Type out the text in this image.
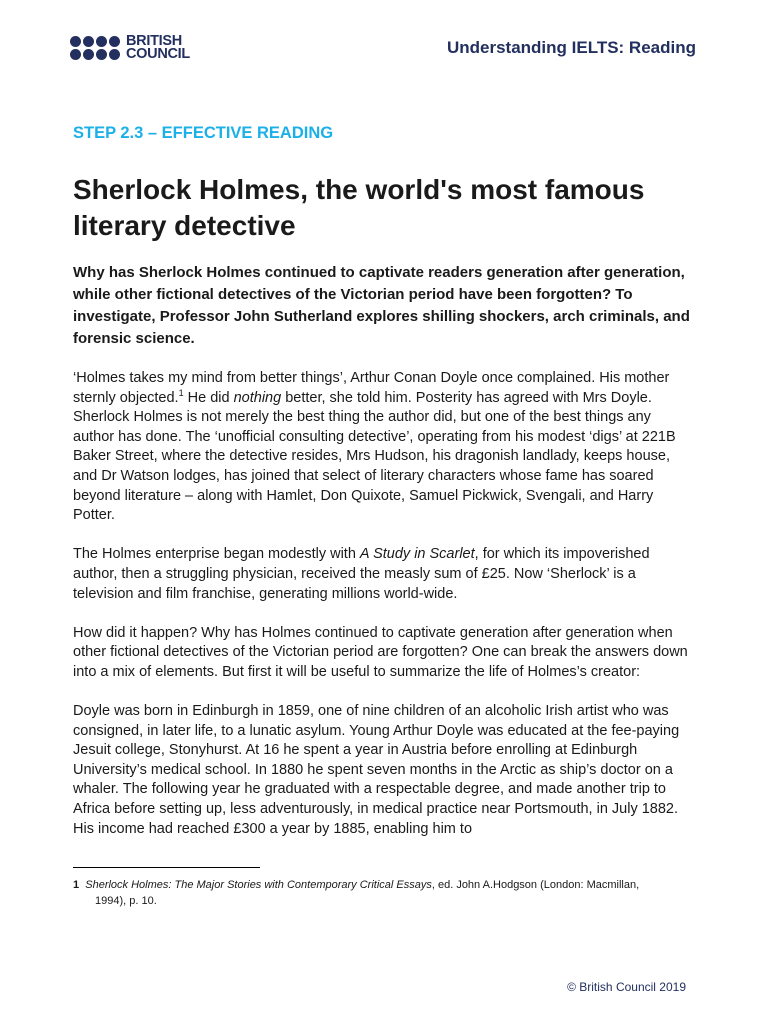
BRITISH
COUNCIL	Understanding IELTS: Reading
STEP 2.3 – EFFECTIVE READING
Sherlock Holmes, the world's most famous literary detective
Why has Sherlock Holmes continued to captivate readers generation after generation, while other fictional detectives of the Victorian period have been forgotten? To investigate, Professor John Sutherland explores shilling shockers, arch criminals, and forensic science.

‘Holmes takes my mind from better things’, Arthur Conan Doyle once complained. His mother sternly objected.$^1$ He did nothing better, she told him. Posterity has agreed with Mrs Doyle. Sherlock Holmes is not merely the best thing the author did, but one of the best things any author has done. The ‘unofficial consulting detective’, operating from his modest ‘digs’ at 221B Baker Street, where the detective resides, Mrs Hudson, his dragonish landlady, keeps house, and Dr Watson lodges, has joined that select of literary characters whose fame has soared beyond literature – along with Hamlet, Don Quixote, Samuel Pickwick, Svengali, and Harry Potter.

The Holmes enterprise began modestly with A Study in Scarlet, for which its impoverished author, then a struggling physician, received the measly sum of £25. Now ‘Sherlock’ is a television and film franchise, generating millions world-wide.

How did it happen? Why has Holmes continued to captivate generation after generation when other fictional detectives of the Victorian period are forgotten? One can break the answers down into a mix of elements. But first it will be useful to summarize the life of Holmes’s creator:

Doyle was born in Edinburgh in 1859, one of nine children of an alcoholic Irish artist who was consigned, in later life, to a lunatic asylum. Young Arthur Doyle was educated at the fee-paying Jesuit college, Stonyhurst. At 16 he spent a year in Austria before enrolling at Edinburgh University’s medical school. In 1880 he spent seven months in the Arctic as ship’s doctor on a whaler. The following year he graduated with a respectable degree, and made another trip to Africa before setting up, less adventurously, in medical practice near Portsmouth, in July 1882. His income had reached £300 a year by 1885, enabling him to

1 Sherlock Holmes: The Major Stories with Contemporary Critical Essays, ed. John A.Hodgson (London: Macmillan,
1994), p. 10.
© British Council 2019
